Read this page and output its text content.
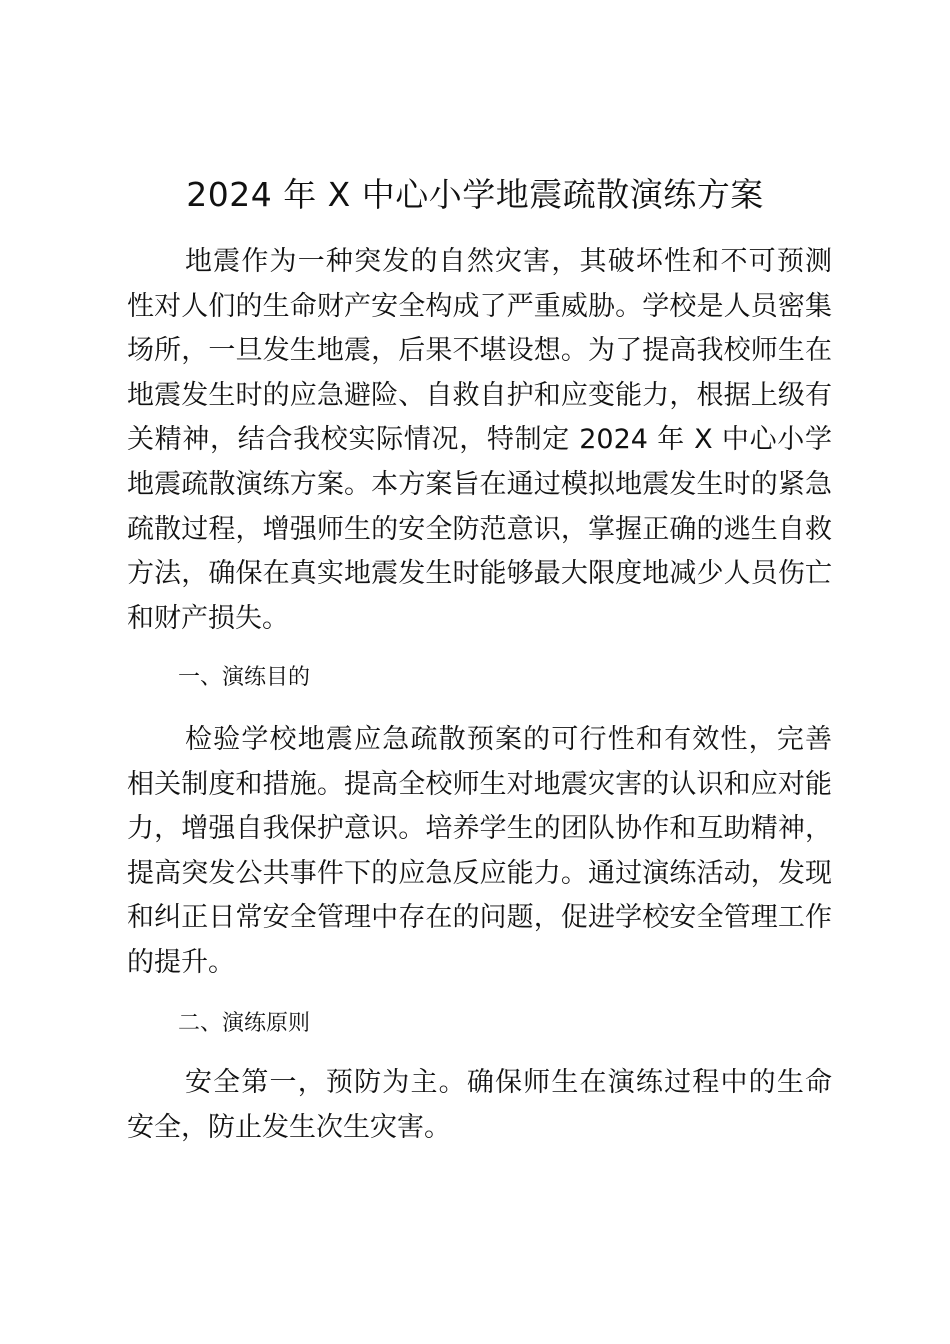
2024 年 X 中心小学地震疏散演练方案

地震作为一种突发的自然灾害，其破坏性和不可预测性对人们的生命财产安全构成了严重威胁。学校是人员密集场所，一旦发生地震，后果不堪设想。为了提高我校师生在地震发生时的应急避险、自救自护和应变能力，根据上级有关精神，结合我校实际情况，特制定 2024 年 X 中心小学地震疏散演练方案。本方案旨在通过模拟地震发生时的紧急疏散过程，增强师生的安全防范意识，掌握正确的逃生自救方法，确保在真实地震发生时能够最大限度地减少人员伤亡和财产损失。

一、演练目的

检验学校地震应急疏散预案的可行性和有效性，完善相关制度和措施。提高全校师生对地震灾害的认识和应对能力，增强自我保护意识。培养学生的团队协作和互助精神，提高突发公共事件下的应急反应能力。通过演练活动，发现和纠正日常安全管理中存在的问题，促进学校安全管理工作的提升。

二、演练原则

安全第一，预防为主。确保师生在演练过程中的生命安全，防止发生次生灾害。
